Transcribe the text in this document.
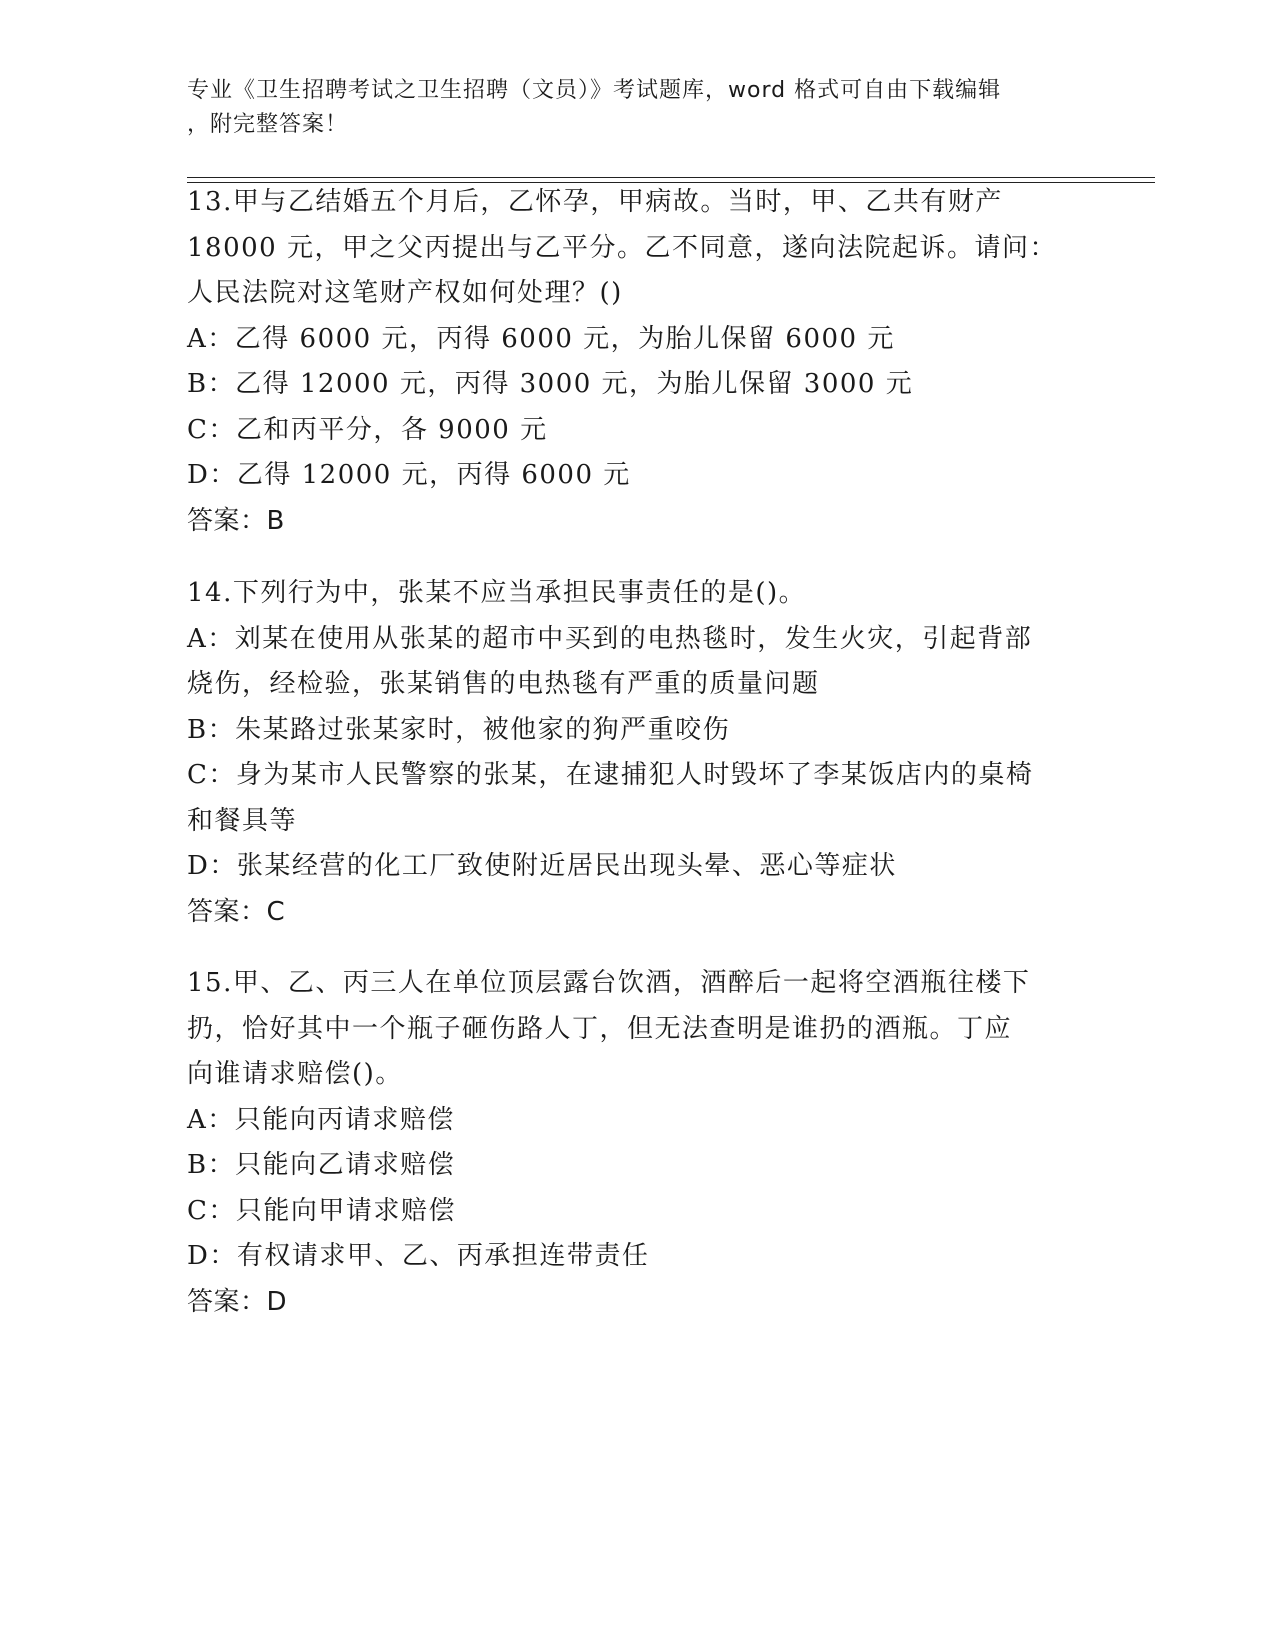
专业《卫生招聘考试之卫生招聘（文员）》考试题库，word 格式可自由下载编辑
，附完整答案！
13.甲与乙结婚五个月后，乙怀孕，甲病故。当时，甲、乙共有财产
18000 元，甲之父丙提出与乙平分。乙不同意，遂向法院起诉。请问：
人民法院对这笔财产权如何处理？()
A：乙得 6000 元，丙得 6000 元，为胎儿保留 6000 元
B：乙得 12000 元，丙得 3000 元，为胎儿保留 3000 元
C：乙和丙平分，各 9000 元
D：乙得 12000 元，丙得 6000 元
答案：B
14.下列行为中，张某不应当承担民事责任的是()。
A：刘某在使用从张某的超市中买到的电热毯时，发生火灾，引起背部
烧伤，经检验，张某销售的电热毯有严重的质量问题
B：朱某路过张某家时，被他家的狗严重咬伤
C：身为某市人民警察的张某，在逮捕犯人时毁坏了李某饭店内的桌椅
和餐具等
D：张某经营的化工厂致使附近居民出现头晕、恶心等症状
答案：C
15.甲、乙、丙三人在单位顶层露台饮酒，酒醉后一起将空酒瓶往楼下
扔，恰好其中一个瓶子砸伤路人丁，但无法查明是谁扔的酒瓶。丁应
向谁请求赔偿()。
A：只能向丙请求赔偿
B：只能向乙请求赔偿
C：只能向甲请求赔偿
D：有权请求甲、乙、丙承担连带责任
答案：D
